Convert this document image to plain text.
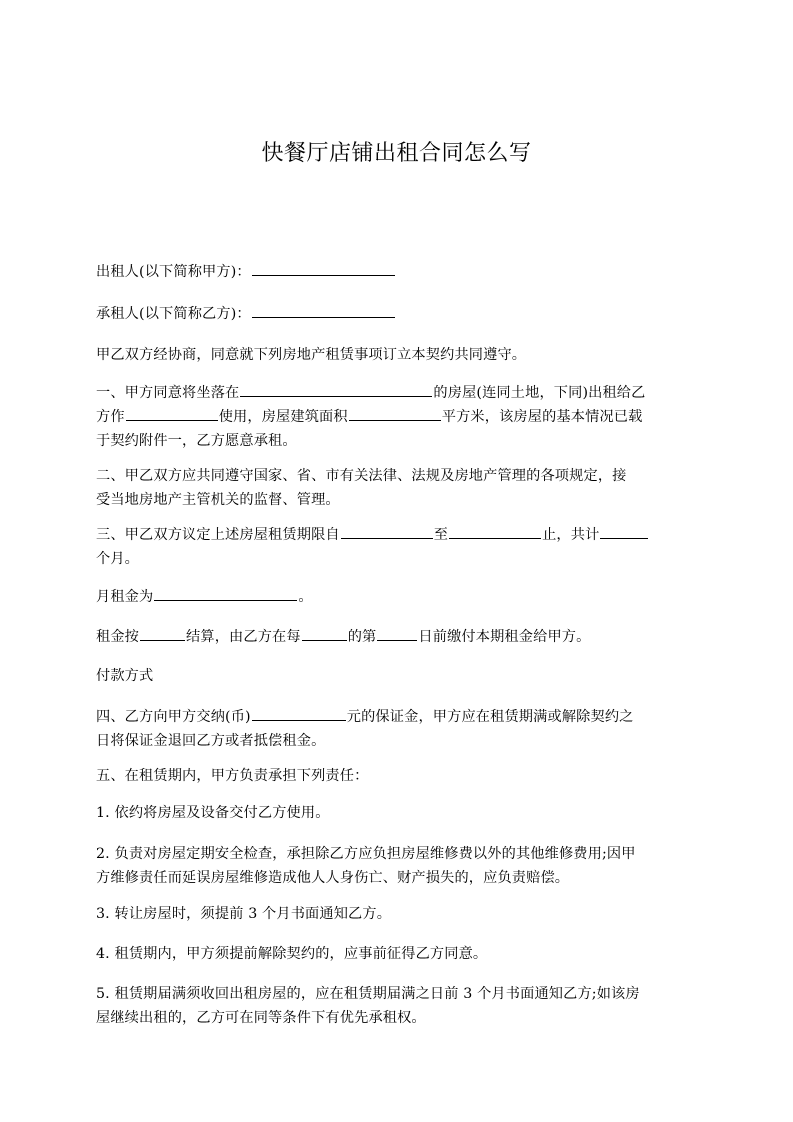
快餐厅店铺出租合同怎么写
出租人(以下简称甲方)：
承租人(以下简称乙方)：
甲乙双方经协商，同意就下列房地产租赁事项订立本契约共同遵守。
一、甲方同意将坐落在	的房屋(连同土地，下同)出租给乙
方作	使用，房屋建筑面积	平方米，该房屋的基本情况已载
于契约附件一，乙方愿意承租。
二、甲乙双方应共同遵守国家、省、市有关法律、法规及房地产管理的各项规定，接
受当地房地产主管机关的监督、管理。
三、甲乙双方议定上述房屋租赁期限自	至	止，共计
个月。
月租金为	。
租金按	结算，由乙方在每	的第	日前缴付本期租金给甲方。
付款方式
四、乙方向甲方交纳(币)	元的保证金，甲方应在租赁期满或解除契约之
日将保证金退回乙方或者抵偿租金。
五、在租赁期内，甲方负责承担下列责任：
1. 依约将房屋及设备交付乙方使用。
2. 负责对房屋定期安全检查，承担除乙方应负担房屋维修费以外的其他维修费用;因甲
方维修责任而延误房屋维修造成他人人身伤亡、财产损失的，应负责赔偿。
3. 转让房屋时，须提前 3 个月书面通知乙方。
4. 租赁期内，甲方须提前解除契约的，应事前征得乙方同意。
5. 租赁期届满须收回出租房屋的，应在租赁期届满之日前 3 个月书面通知乙方;如该房
屋继续出租的，乙方可在同等条件下有优先承租权。
